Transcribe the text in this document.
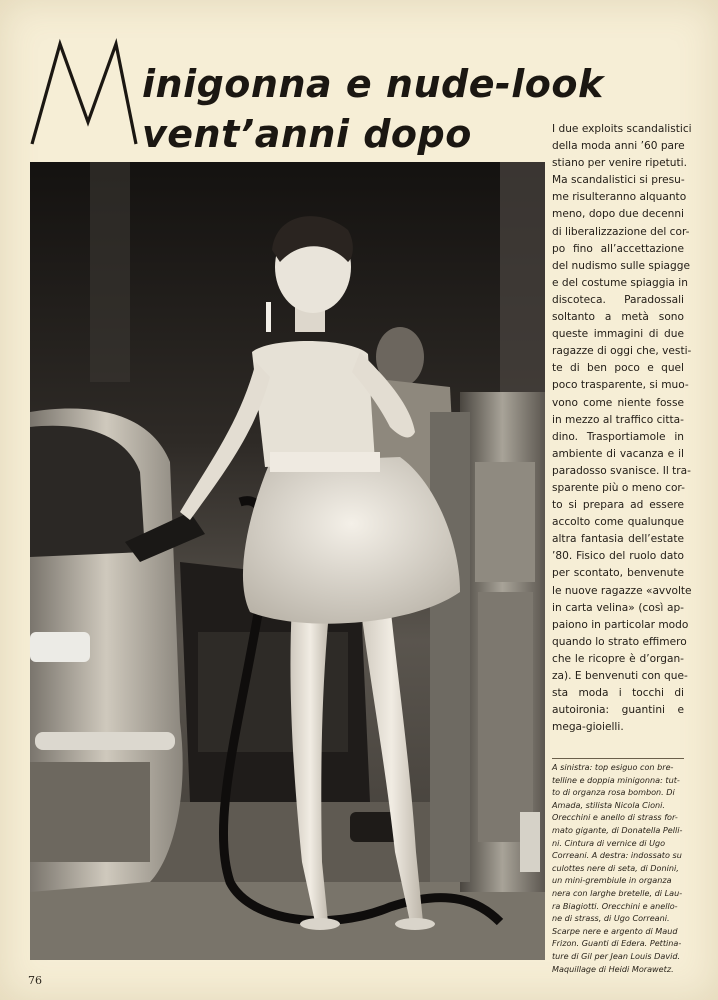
inigonna e nude-look
vent’anni dopo	I due exploits scandalistici
della moda anni ’60 pare
stiano per venire ripetuti.
Ma scandalistici si presu-
me risulteranno alquanto
meno, dopo due decenni
di liberalizzazione del cor-
po fino all’accettazione
del nudismo sulle spiagge
e del costume spiaggia in
discoteca. Paradossali
soltanto a metà sono
queste immagini di due
ragazze di oggi che, vesti-
te di ben poco e quel
poco trasparente, si muo-
vono come niente fosse
in mezzo al traffico citta-
dino. Trasportiamole in
ambiente di vacanza e il
paradosso svanisce. Il tra-
sparente più o meno cor-
to si prepara ad essere
accolto come qualunque
altra fantasia dell’estate
’80. Fisico del ruolo dato
per scontato, benvenute
le nuove ragazze «avvolte
in carta velina» (così ap-
paiono in particolar modo
quando lo strato effimero
che le ricopre è d’organ-
za). E benvenuti con que-
sta moda i tocchi di
autoironia: guantini e
mega-gioielli.
A sinistra: top esiguo con bre-
telline e doppia minigonna: tut-
to di organza rosa bombon. Di
Amada, stilista Nicola Cioni.
Orecchini e anello di strass for-
mato gigante, di Donatella Pelli-
ni. Cintura di vernice di Ugo
Correani. A destra: indossato su
culottes nere di seta, di Donini,
un mini-grembiule in organza
nera con larghe bretelle, di Lau-
ra Biagiotti. Orecchini e anello-
ne di strass, di Ugo Correani.
Scarpe nere e argento di Maud
Frizon. Guanti di Edera. Pettina-
ture di Gil per Jean Louis David.
Maquillage di Heidi Morawetz.
76
